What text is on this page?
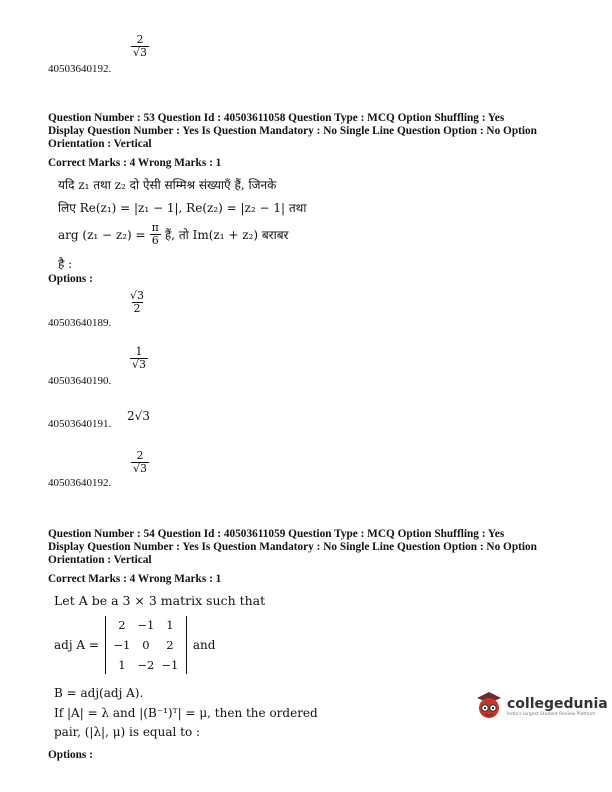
$\frac{2}{√3}$
40503640192.
Question Number : 53 Question Id : 40503611058 Question Type : MCQ Option Shuffling : Yes
Display Question Number : Yes Is Question Mandatory : No Single Line Question Option : No Option
Orientation : Vertical
Correct Marks : 4 Wrong Marks : 1
यदि z₁ तथा z₂ दो ऐसी सम्मिश्र संख्याएँ हैं, जिनके
लिए Re(z₁) = |z₁ − 1|, Re(z₂) = |z₂ − 1| तथा
arg $(z_1 - z_2) = \frac{\pi}{6}$ हैं, तो Im(z₁ + z₂) बराबर
है :
Options :
$\frac{√3}{2}$
40503640189.
$\frac{1}{√3}$
40503640190.
2√3
40503640191.
$\frac{2}{√3}$
40503640192.
Question Number : 54 Question Id : 40503611059 Question Type : MCQ Option Shuffling : Yes
Display Question Number : Yes Is Question Mandatory : No Single Line Question Option : No Option
Orientation : Vertical
Correct Marks : 4 Wrong Marks : 1
Let A be a 3 × 3 matrix such that
adj A =
2	−1	1
−1	0	2
1	−2 −1
and
B = adj(adj A).
If |A| = λ and |(B⁻¹)ᵀ| = μ, then the ordered
pair, (|λ|, μ) is equal to :
Options :
collegedunia
India's largest Student Review Platform
